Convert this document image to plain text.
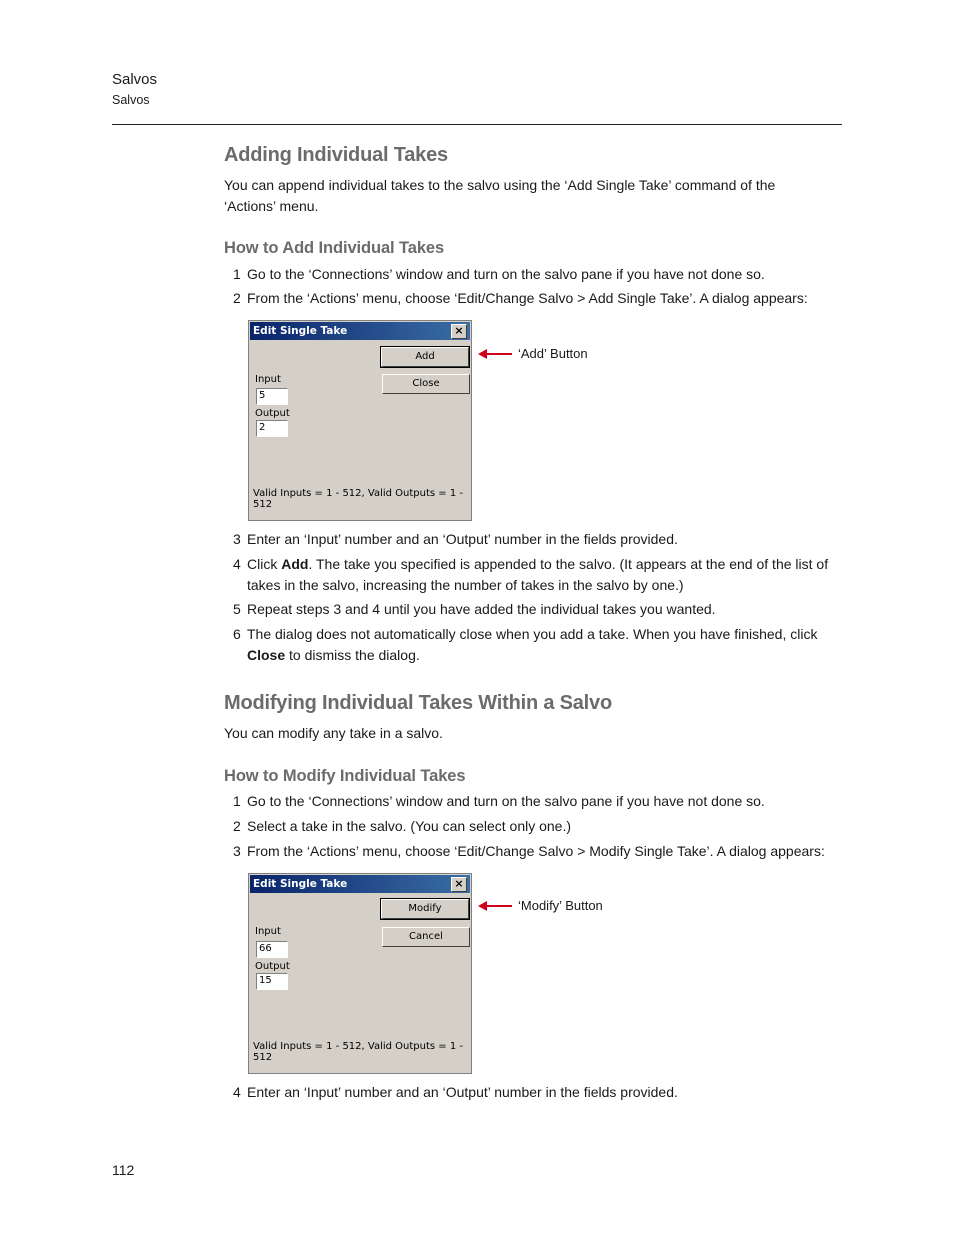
Salvos
Salvos
Adding Individual Takes
You can append individual takes to the salvo using the ‘Add Single Take’ command of the ‘Actions’ menu.
How to Add Individual Takes
1 Go to the ‘Connections’ window and turn on the salvo pane if you have not done so.
2 From the ‘Actions’ menu, choose ‘Edit/Change Salvo > Add Single Take’. A dialog appears:
Edit Single Take	×
Add
Close
Input
5
Output
2
Valid Inputs = 1 - 512, Valid Outputs = 1 - 512
‘Add’ Button
3 Enter an ‘Input’ number and an ‘Output’ number in the fields provided.
4 Click Add. The take you specified is appended to the salvo. (It appears at the end of the list of takes in the salvo, increasing the number of takes in the salvo by one.)
5 Repeat steps 3 and 4 until you have added the individual takes you wanted.
6 The dialog does not automatically close when you add a take. When you have finished, click Close to dismiss the dialog.
Modifying Individual Takes Within a Salvo
You can modify any take in a salvo.
How to Modify Individual Takes
1 Go to the ‘Connections’ window and turn on the salvo pane if you have not done so.
2 Select a take in the salvo. (You can select only one.)
3 From the ‘Actions’ menu, choose ‘Edit/Change Salvo > Modify Single Take’. A dialog appears:
Edit Single Take	×
Modify
Cancel
Input
66
Output
15
Valid Inputs = 1 - 512, Valid Outputs = 1 - 512
‘Modify’ Button
4 Enter an ‘Input’ number and an ‘Output’ number in the fields provided.
112
